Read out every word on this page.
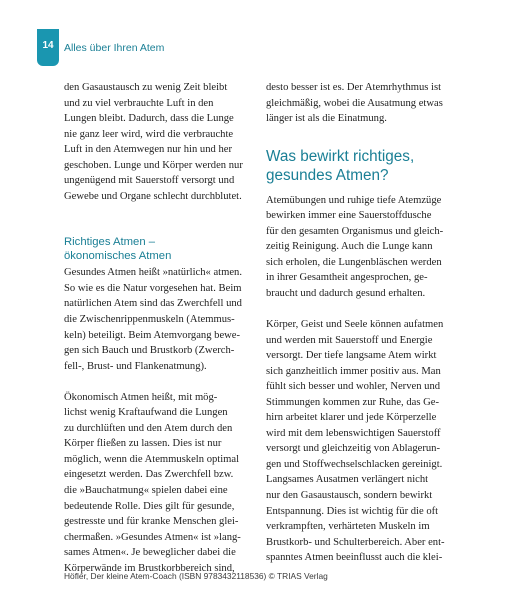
14 Alles über Ihren Atem
den Gasaustausch zu wenig Zeit bleibt
und zu viel verbrauchte Luft in den
Lungen bleibt. Dadurch, dass die Lunge
nie ganz leer wird, wird die verbrauchte
Luft in den Atemwegen nur hin und her
geschoben. Lunge und Körper werden nur
ungenügend mit Sauerstoff versorgt und
Gewebe und Organe schlecht durchblutet.
Richtiges Atmen –
ökonomisches Atmen
Gesundes Atmen heißt »natürlich« atmen.
So wie es die Natur vorgesehen hat. Beim
natürlichen Atem sind das Zwerchfell und
die Zwischenrippenmuskeln (Atemmus-
keln) beteiligt. Beim Atemvorgang bewe-
gen sich Bauch und Brustkorb (Zwerch-
fell-, Brust- und Flankenatmung).
Ökonomisch Atmen heißt, mit mög-
lichst wenig Kraftaufwand die Lungen
zu durchlüften und den Atem durch den
Körper fließen zu lassen. Dies ist nur
möglich, wenn die Atemmuskeln optimal
eingesetzt werden. Das Zwerchfell bzw.
die »Bauchatmung« spielen dabei eine
bedeutende Rolle. Dies gilt für gesunde,
gestresste und für kranke Menschen glei-
chermaßen. »Gesundes Atmen« ist »lang-
sames Atmen«. Je beweglicher dabei die
Körperwände im Brustkorbbereich sind,
desto besser ist es. Der Atemrhythmus ist
gleichmäßig, wobei die Ausatmung etwas
länger ist als die Einatmung.
Was bewirkt richtiges,
gesundes Atmen?
Atemübungen und ruhige tiefe Atemzüge
bewirken immer eine Sauerstoffdusche
für den gesamten Organismus und gleich-
zeitig Reinigung. Auch die Lunge kann
sich erholen, die Lungenbläschen werden
in ihrer Gesamtheit angesprochen, ge-
braucht und dadurch gesund erhalten.
Körper, Geist und Seele können aufatmen
und werden mit Sauerstoff und Energie
versorgt. Der tiefe langsame Atem wirkt
sich ganzheitlich immer positiv aus. Man
fühlt sich besser und wohler, Nerven und
Stimmungen kommen zur Ruhe, das Ge-
hirn arbeitet klarer und jede Körperzelle
wird mit dem lebenswichtigen Sauerstoff
versorgt und gleichzeitig von Ablagerun-
gen und Stoffwechselschlacken gereinigt.
Langsames Ausatmen verlängert nicht
nur den Gasaustausch, sondern bewirkt
Entspannung. Dies ist wichtig für die oft
verkrampften, verhärteten Muskeln im
Brustkorb- und Schulterbereich. Aber ent-
spanntes Atmen beeinflusst auch die klei-
Höfler, Der kleine Atem-Coach (ISBN 9783432118536) © TRIAS Verlag
